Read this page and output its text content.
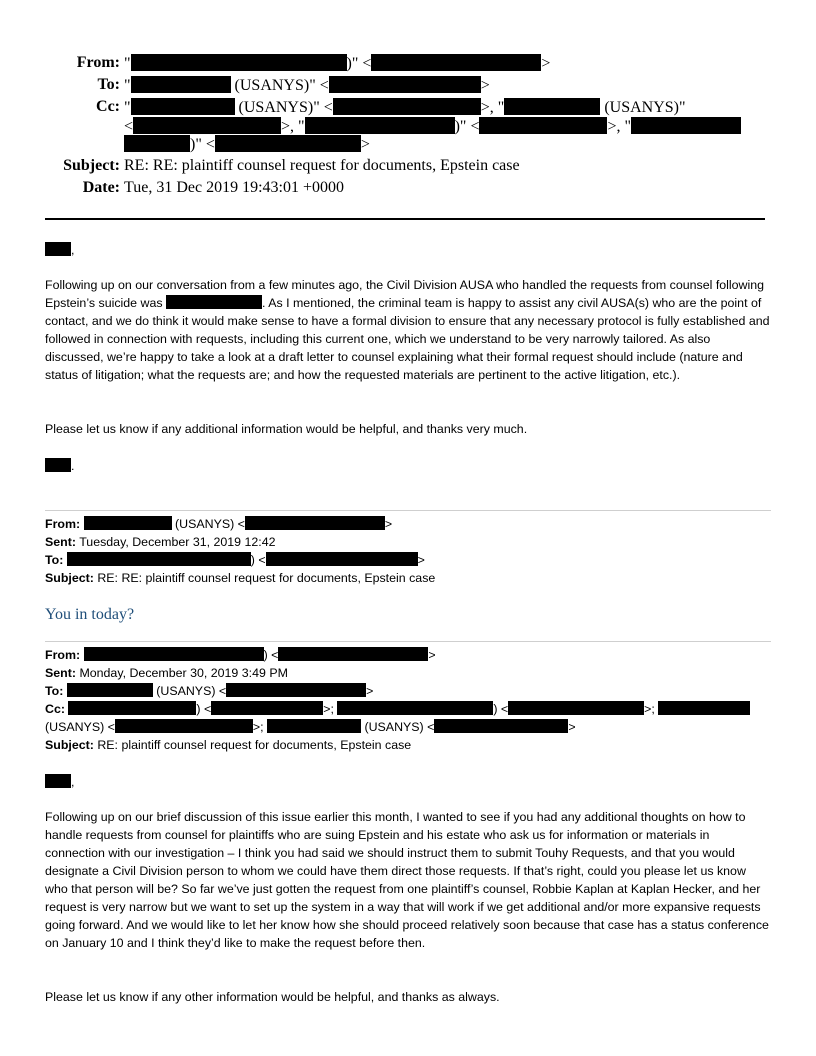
From: "	)" <	>
To: "	(USANYS)" <	>
Cc: "	(USANYS)" <	>, "	(USANYS)"
<	>, "	)" <	>, "
)" <	>
Subject: RE: RE: plaintiff counsel request for documents, Epstein case
Date: Tue, 31 Dec 2019 19:43:01 +0000
,

Following up on our conversation from a few minutes ago, the Civil Division AUSA who handled the requests from counsel following Epstein’s suicide was	. As I mentioned, the criminal team is happy to assist any civil AUSA(s) who are the point of contact, and we do think it would make sense to have a formal division to ensure that any necessary protocol is fully established and followed in connection with requests, including this current one, which we understand to be very narrowly tailored. As also discussed, we’re happy to take a look at a draft letter to counsel explaining what their formal request should include (nature and status of litigation; what the requests are; and how the requested materials are pertinent to the active litigation, etc.).

Please let us know if any additional information would be helpful, and thanks very much.
.
From:	(USANYS) <	>
Sent: Tuesday, December 31, 2019 12:42
To:	) <	>
Subject: RE: RE: plaintiff counsel request for documents, Epstein case
You in today?
From:	) <	>
Sent: Monday, December 30, 2019 3:49 PM
To:	(USANYS) <	>
Cc:	) <	>;	) <	>;
(USANYS) <	>;	(USANYS) <	>
Subject: RE: plaintiff counsel request for documents, Epstein case
,
Following up on our brief discussion of this issue earlier this month, I wanted to see if you had any additional thoughts on how to handle requests from counsel for plaintiffs who are suing Epstein and his estate who ask us for information or materials in connection with our investigation – I think you had said we should instruct them to submit Touhy Requests, and that you would designate a Civil Division person to whom we could have them direct those requests. If that’s right, could you please let us know who that person will be? So far we’ve just gotten the request from one plaintiff’s counsel, Robbie Kaplan at Kaplan Hecker, and her request is very narrow but we want to set up the system in a way that will work if we get additional and/or more expansive requests going forward. And we would like to let her know how she should proceed relatively soon because that case has a status conference on January 10 and I think they’d like to make the request before then.
Please let us know if any other information would be helpful, and thanks as always.
